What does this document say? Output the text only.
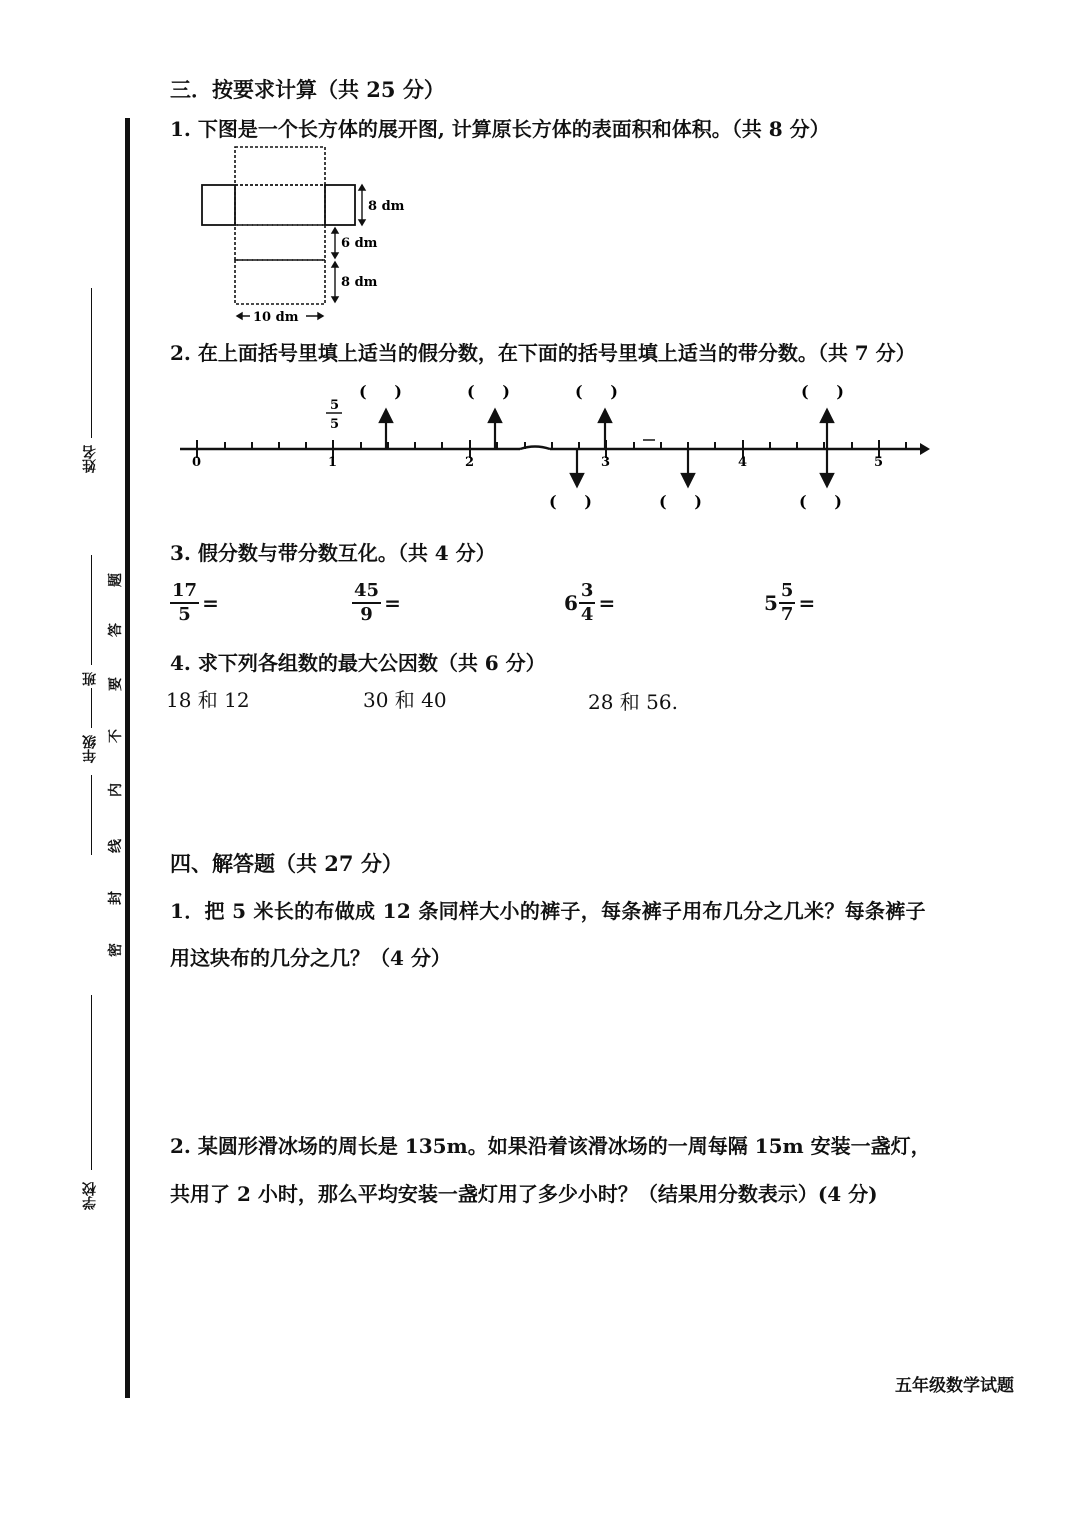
姓名
班
年级
学校
题
答
要
不
内
线
封
密
三．按要求计算（共 25 分）
1. 下图是一个长方体的展开图, 计算原长方体的表面积和体积。（共 8 分）
8 dm
6 dm
8 dm
10 dm
2. 在上面括号里填上适当的假分数，在下面的括号里填上适当的带分数。（共 7 分）
0	1	2	3	4	5
5
5
(     )	(     )	(     )	(     )
(     )	(     )	(     )
3. 假分数与带分数互化。（共 4 分）
$\frac{17}{5}$ =	$\frac{45}{9}$ =	$6 \frac{3}{4}$ =	$5 \frac{5}{7}$ =
4. 求下列各组数的最大公因数（共 6 分）
18 和 12	30 和 40	28 和 56.
四、解答题（共 27 分）
1．把 5 米长的布做成 12 条同样大小的裤子，每条裤子用布几分之几米？每条裤子
用这块布的几分之几？（4 分）
2. 某圆形滑冰场的周长是 135m。如果沿着该滑冰场的一周每隔 15m 安装一盏灯，
共用了 2 小时，那么平均安装一盏灯用了多少小时？（结果用分数表示）(4 分)
五年级数学试题
